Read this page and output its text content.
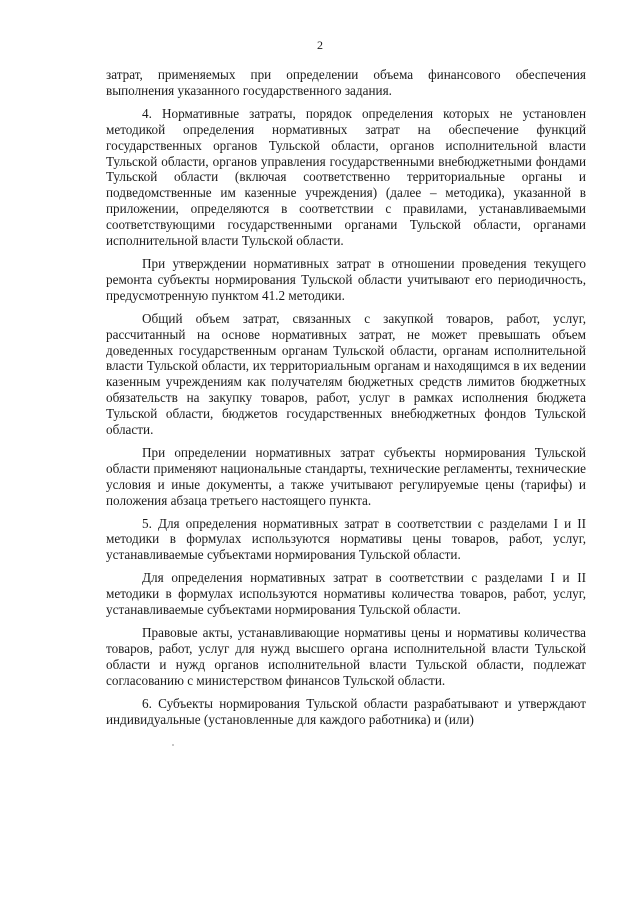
2

затрат, применяемых при определении объема финансового обеспечения выполнения указанного государственного задания.

4. Нормативные затраты, порядок определения которых не установлен методикой определения нормативных затрат на обеспечение функций государственных органов Тульской области, органов исполнительной власти Тульской области, органов управления государственными внебюджетными фондами Тульской области (включая соответственно территориальные органы и подведомственные им казенные учреждения) (далее – методика), указанной в приложении, определяются в соответствии с правилами, устанавливаемыми соответствующими государственными органами Тульской области, органами исполнительной власти Тульской области.

При утверждении нормативных затрат в отношении проведения текущего ремонта субъекты нормирования Тульской области учитывают его периодичность, предусмотренную пунктом 41.2 методики.

Общий объем затрат, связанных с закупкой товаров, работ, услуг, рассчитанный на основе нормативных затрат, не может превышать объем доведенных государственным органам Тульской области, органам исполнительной власти Тульской области, их территориальным органам и находящимся в их ведении казенным учреждениям как получателям бюджетных средств лимитов бюджетных обязательств на закупку товаров, работ, услуг в рамках исполнения бюджета Тульской области, бюджетов государственных внебюджетных фондов Тульской области.

При определении нормативных затрат субъекты нормирования Тульской области применяют национальные стандарты, технические регламенты, технические условия и иные документы, а также учитывают регулируемые цены (тарифы) и положения абзаца третьего настоящего пункта.

5. Для определения нормативных затрат в соответствии с разделами I и II методики в формулах используются нормативы цены товаров, работ, услуг, устанавливаемые субъектами нормирования Тульской области.

Для определения нормативных затрат в соответствии с разделами I и II методики в формулах используются нормативы количества товаров, работ, услуг, устанавливаемые субъектами нормирования Тульской области.

Правовые акты, устанавливающие нормативы цены и нормативы количества товаров, работ, услуг для нужд высшего органа исполнительной власти Тульской области и нужд органов исполнительной власти Тульской области, подлежат согласованию с министерством финансов Тульской области.

6. Субъекты нормирования Тульской области разрабатывают и утверждают индивидуальные (установленные для каждого работника) и (или)
